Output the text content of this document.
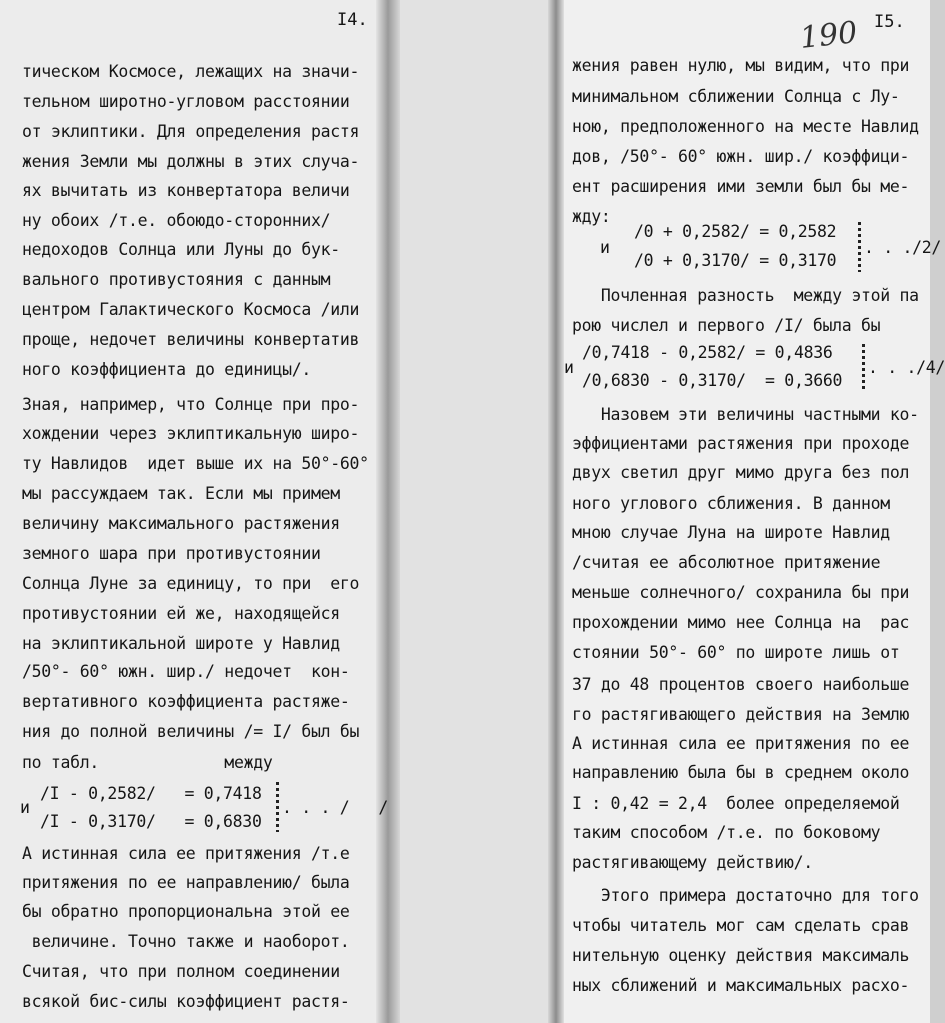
I4.
тическом Космосе, лежащих на значи-
тельном широтно-угловом расстоянии
от эклиптики. Для определения растя
жения Земли мы должны в этих случа-
ях вычитать из конвертатора величи
ну обоих /т.е. обоюдо-сторонних/
недоходов Солнца или Луны до бук-
вального противустояния с данным
центром Галактического Космоса /или
проще, недочет величины конвертатив
ного коэффициента до единицы/.
Зная, например, что Солнце при про-
хождении через эклиптикальную широ-
ту Навлидов  идет выше их на 50°-60°
мы рассуждаем так. Если мы примем
величину максимального растяжения
земного шара при противустоянии
Солнца Луне за единицу, то при  его
противустоянии ей же, находящейся
на эклиптикальной широте у Навлид
/50°- 60° южн. шир./ недочет  кон-
вертативного коэффициента растяже-
ния до полной величины /= I/ был бы
по табл.             между
и
/I - 0,2582/   = 0,7418
/I - 0,3170/   = 0,6830
. . . /   /
А истинная сила ее притяжения /т.е
притяжения по ее направлению/ была
бы обратно пропорциональна этой ее
величине. Точно также и наоборот.
Считая, что при полном соединении
всякой бис-силы коэффициент растя-
190 I5.
жения равен нулю, мы видим, что при
минимальном сближении Солнца с Лу-
ною, предположенного на месте Навлид
дов, /50°- 60° южн. шир./ коэффици-
ент расширения ими земли был бы ме-
жду:
и
/0 + 0,2582/ = 0,2582
/0 + 0,3170/ = 0,3170
. . ./2/
Почленная разность  между этой па
рою числел и первого /I/ была бы
и
/0,7418 - 0,2582/ = 0,4836
/0,6830 - 0,3170/  = 0,3660
. . ./4/
Назовем эти величины частными ко-
эффициентами растяжения при проходе
двух светил друг мимо друга без пол
ного углового сближения. В данном
мною случае Луна на широте Навлид
/считая ее абсолютное притяжение
меньше солнечного/ сохранила бы при
прохождении мимо нее Солнца на  рас
стоянии 50°- 60° по широте лишь от
37 до 48 процентов своего наибольше
го растягивающего действия на Землю
А истинная сила ее притяжения по ее
направлению была бы в среднем около
I : 0,42 = 2,4  более определяемой
таким способом /т.е. по боковому
растягивающему действию/.
Этого примера достаточно для того
чтобы читатель мог сам сделать срав
нительную оценку действия максималь
ных сближений и максимальных расхо-
